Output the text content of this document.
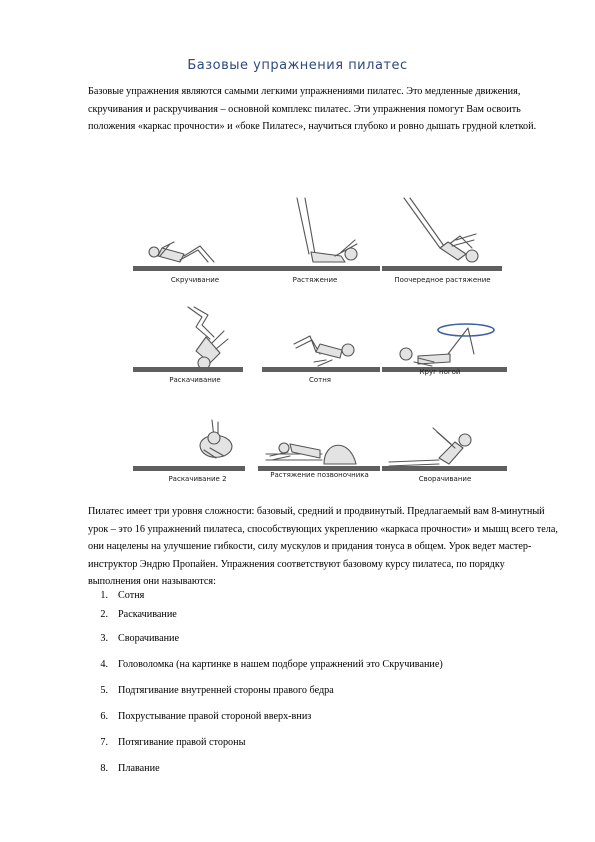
Базовые упражнения пилатес

Базовые упражнения являются самыми легкими упражнениями пилатес. Это медленные движения, скручивания и раскручивания – основной комплекс пилатес. Эти упражнения помогут Вам освоить положения «каркас прочности» и «боке Пилатес», научиться глубоко и ровно дышать грудной клеткой.

Скручивание	Растяжение	Поочередное растяжение
Раскачивание	Сотня
Круг ногой
Раскачивание 2	Растяжение позвоночника	Сворачивание

Пилатес имеет три уровня сложности: базовый, средний и продвинутый. Предлагаемый вам 8-минутный урок – это 16 упражнений пилатеса, способствующих укреплению «каркаса прочности» и мышц всего тела, они нацелены на улучшение гибкости, силу мускулов и придания тонуса в общем. Урок ведет мастер-инструктор Эндрю Пропайен. Упражнения соответствуют базовому курсу пилатеса, по порядку выполнения они называются:

1. Сотня
2. Раскачивание
3. Сворачивание
4. Головоломка (на картинке в нашем подборе упражнений это Скручивание)
5. Подтягивание внутренней стороны правого бедра
6. Похрустывание правой стороной вверх-вниз
7. Потягивание правой стороны
8. Плавание
